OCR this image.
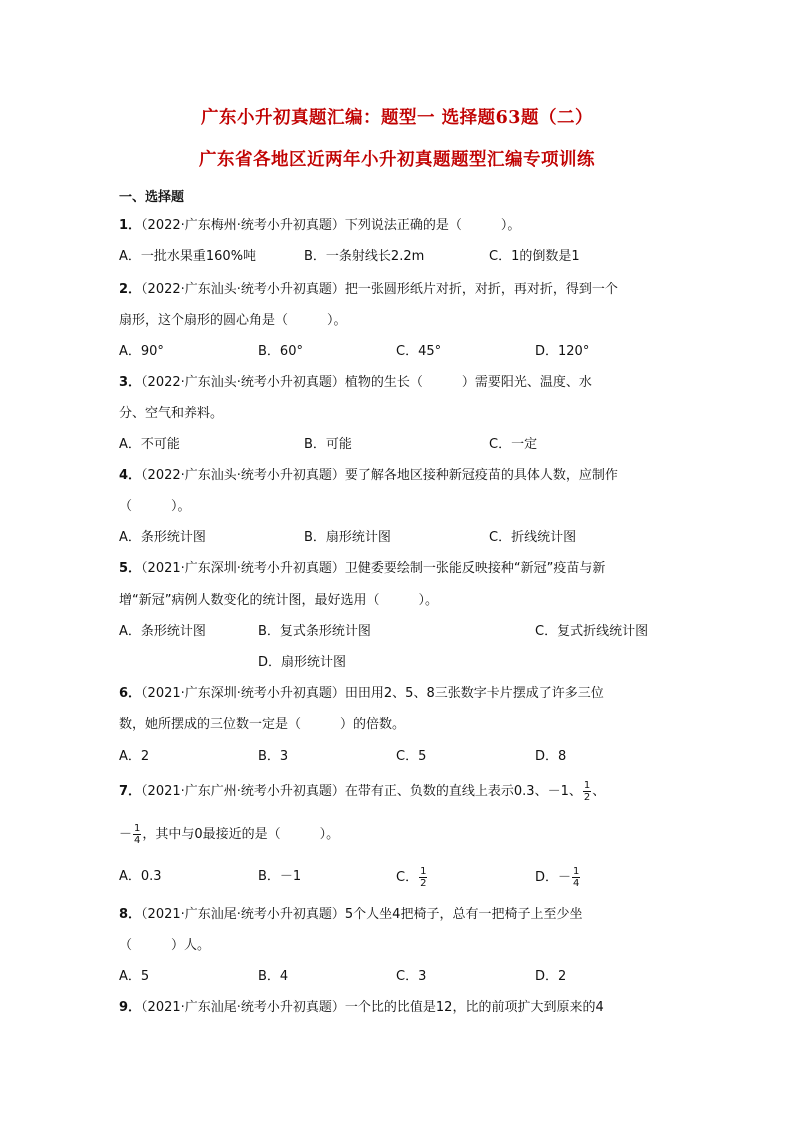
广东小升初真题汇编：题型一 选择题63题（二）
广东省各地区近两年小升初真题题型汇编专项训练
一、选择题
1．（2022·广东梅州·统考小升初真题）下列说法正确的是（　　　）。
A．一批水果重160%吨	B．一条射线长2.2m	C．1的倒数是1
2．（2022·广东汕头·统考小升初真题）把一张圆形纸片对折，对折，再对折，得到一个
扇形，这个扇形的圆心角是（　　　）。
A．90°	B．60°	C．45°	D．120°
3．（2022·广东汕头·统考小升初真题）植物的生长（　　　）需要阳光、温度、水
分、空气和养料。
A．不可能	B．可能	C．一定
4．（2022·广东汕头·统考小升初真题）要了解各地区接种新冠疫苗的具体人数，应制作
（　　　）。
A．条形统计图	B．扇形统计图	C．折线统计图
5．（2021·广东深圳·统考小升初真题）卫健委要绘制一张能反映接种“新冠”疫苗与新
增“新冠”病例人数变化的统计图，最好选用（　　　）。
A．条形统计图	B．复式条形统计图	C．复式折线统计图
D．扇形统计图
6．（2021·广东深圳·统考小升初真题）田田用2、5、8三张数字卡片摆成了许多三位
数，她所摆成的三位数一定是（　　　）的倍数。
A．2	B．3	C．5	D．8
7．（2021·广东广州·统考小升初真题）在带有正、负数的直线上表示0.3、－1、 $\frac{1}{2}$ 、
－ $\frac{1}{4}$ ，其中与0最接近的是（　　　）。
A．0.3	B．－1	C． $\frac{1}{2}$	D．－ $\frac{1}{4}$
8．（2021·广东汕尾·统考小升初真题）5个人坐4把椅子，总有一把椅子上至少坐
（　　　）人。
A．5	B．4	C．3	D．2
9．（2021·广东汕尾·统考小升初真题）一个比的比值是12，比的前项扩大到原来的4
